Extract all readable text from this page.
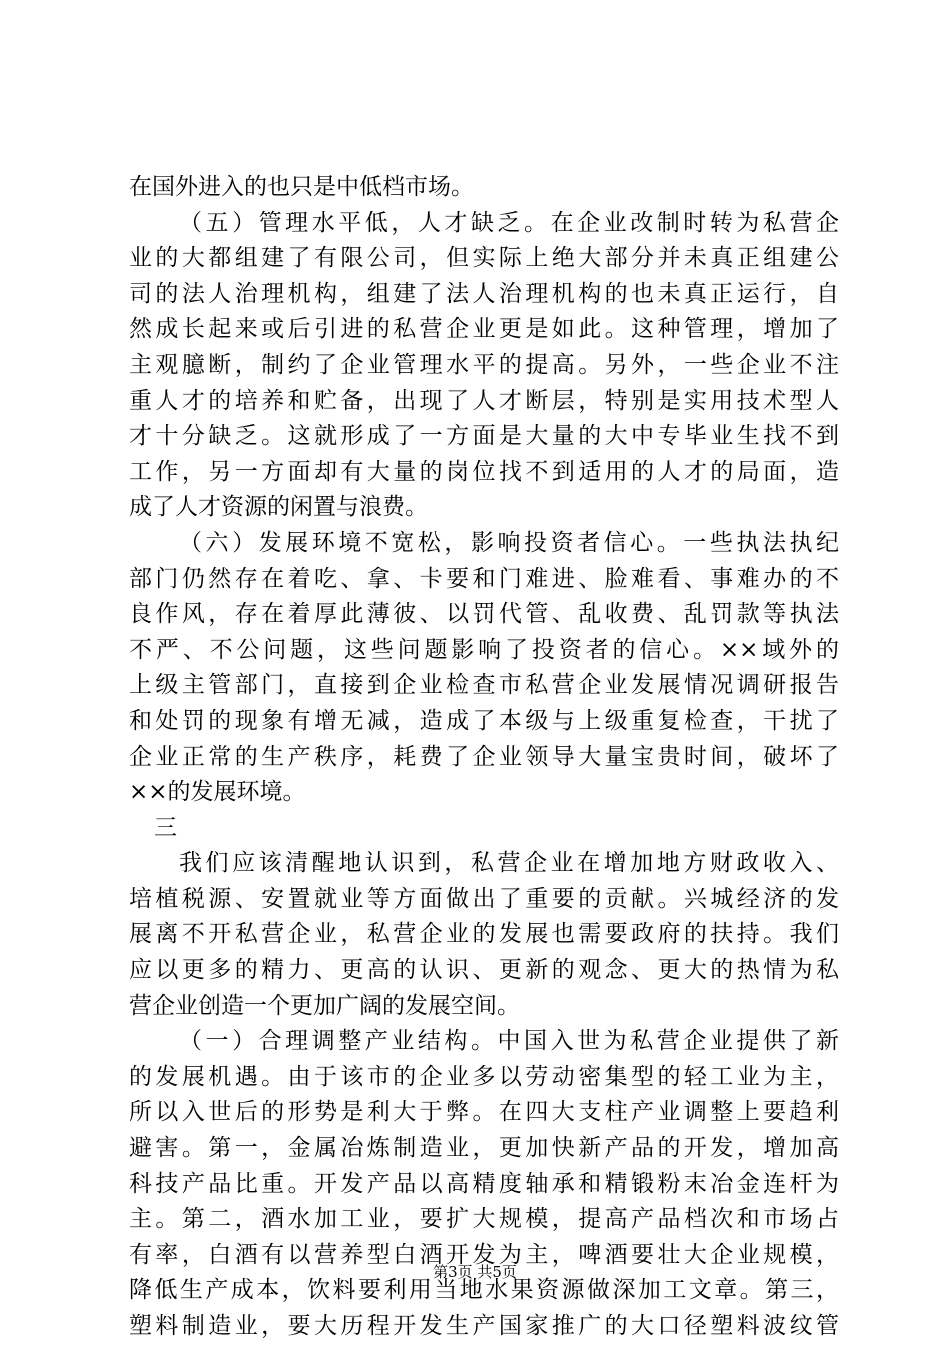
在国外进入的也只是中低档市场。
（五）管理水平低，人才缺乏。在企业改制时转为私营企
业的大都组建了有限公司，但实际上绝大部分并未真正组建公
司的法人治理机构，组建了法人治理机构的也未真正运行，自
然成长起来或后引进的私营企业更是如此。这种管理，增加了
主观臆断，制约了企业管理水平的提高。另外，一些企业不注
重人才的培养和贮备，出现了人才断层，特别是实用技术型人
才十分缺乏。这就形成了一方面是大量的大中专毕业生找不到
工作，另一方面却有大量的岗位找不到适用的人才的局面，造
成了人才资源的闲置与浪费。
（六）发展环境不宽松，影响投资者信心。一些执法执纪
部门仍然存在着吃、拿、卡要和门难进、脸难看、事难办的不
良作风，存在着厚此薄彼、以罚代管、乱收费、乱罚款等执法
不严、不公问题，这些问题影响了投资者的信心。××域外的
上级主管部门，直接到企业检查市私营企业发展情况调研报告
和处罚的现象有增无减，造成了本级与上级重复检查，干扰了
企业正常的生产秩序，耗费了企业领导大量宝贵时间，破坏了
××的发展环境。
三
我们应该清醒地认识到，私营企业在增加地方财政收入、
培植税源、安置就业等方面做出了重要的贡献。兴城经济的发
展离不开私营企业，私营企业的发展也需要政府的扶持。我们
应以更多的精力、更高的认识、更新的观念、更大的热情为私
营企业创造一个更加广阔的发展空间。
（一）合理调整产业结构。中国入世为私营企业提供了新
的发展机遇。由于该市的企业多以劳动密集型的轻工业为主，
所以入世后的形势是利大于弊。在四大支柱产业调整上要趋利
避害。第一，金属冶炼制造业，更加快新产品的开发，增加高
科技产品比重。开发产品以高精度轴承和精锻粉末冶金连杆为
主。第二，酒水加工业，要扩大规模，提高产品档次和市场占
有率，白酒有以营养型白酒开发为主，啤酒要壮大企业规模，
降低生产成本，饮料要利用当地水果资源做深加工文章。第三，
塑料制造业，要大历程开发生产国家推广的大口径塑料波纹管
第3页 共5页
